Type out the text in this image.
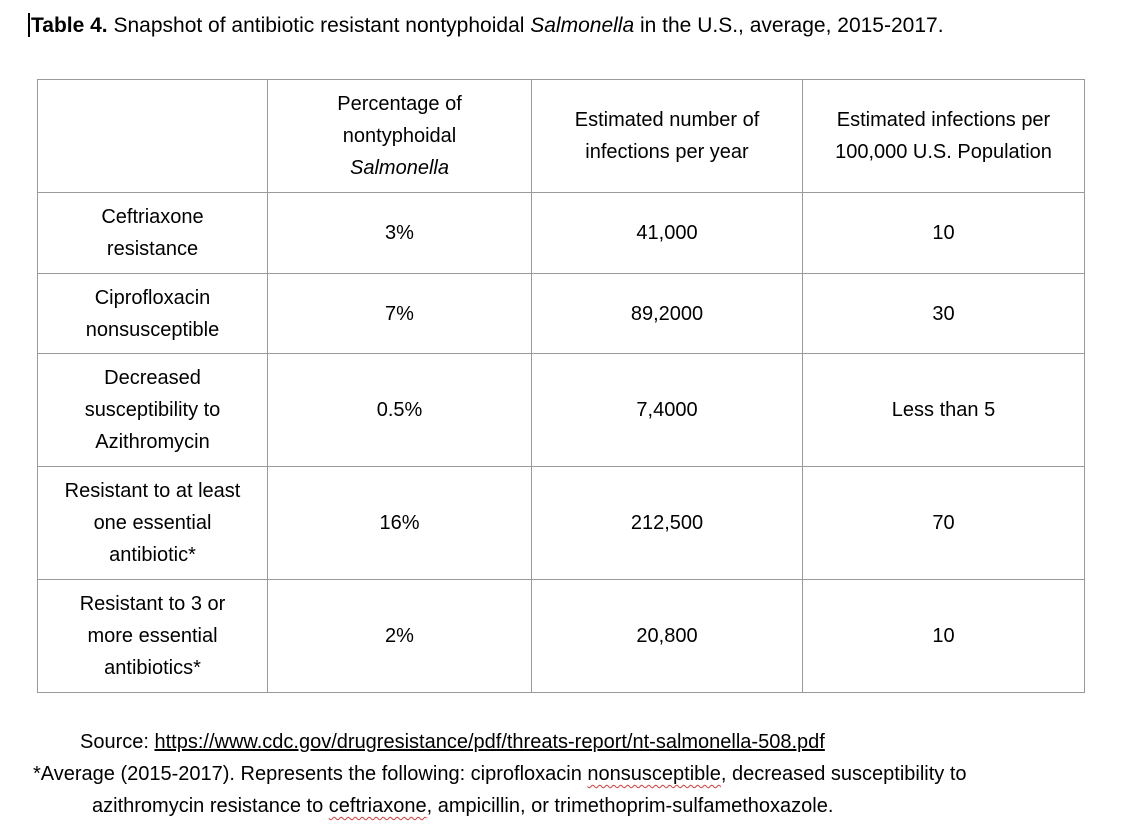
Table 4. Snapshot of antibiotic resistant nontyphoidal Salmonella in the U.S., average, 2015-2017.
	Percentage of
nontyphoidal
Salmonella	Estimated number of
infections per year	Estimated infections per
100,000 U.S. Population
Ceftriaxone
resistance	3%	41,000	10
Ciprofloxacin
nonsusceptible	7%	89,2000	30
Decreased
susceptibility to
Azithromycin	0.5%	7,4000	Less than 5
Resistant to at least
one essential
antibiotic*	16%	212,500	70
Resistant to 3 or
more essential
antibiotics*	2%	20,800	10
Source: https://www.cdc.gov/drugresistance/pdf/threats-report/nt-salmonella-508.pdf
*Average (2015-2017). Represents the following: ciprofloxacin nonsusceptible, decreased susceptibility to
azithromycin resistance to ceftriaxone, ampicillin, or trimethoprim-sulfamethoxazole.
